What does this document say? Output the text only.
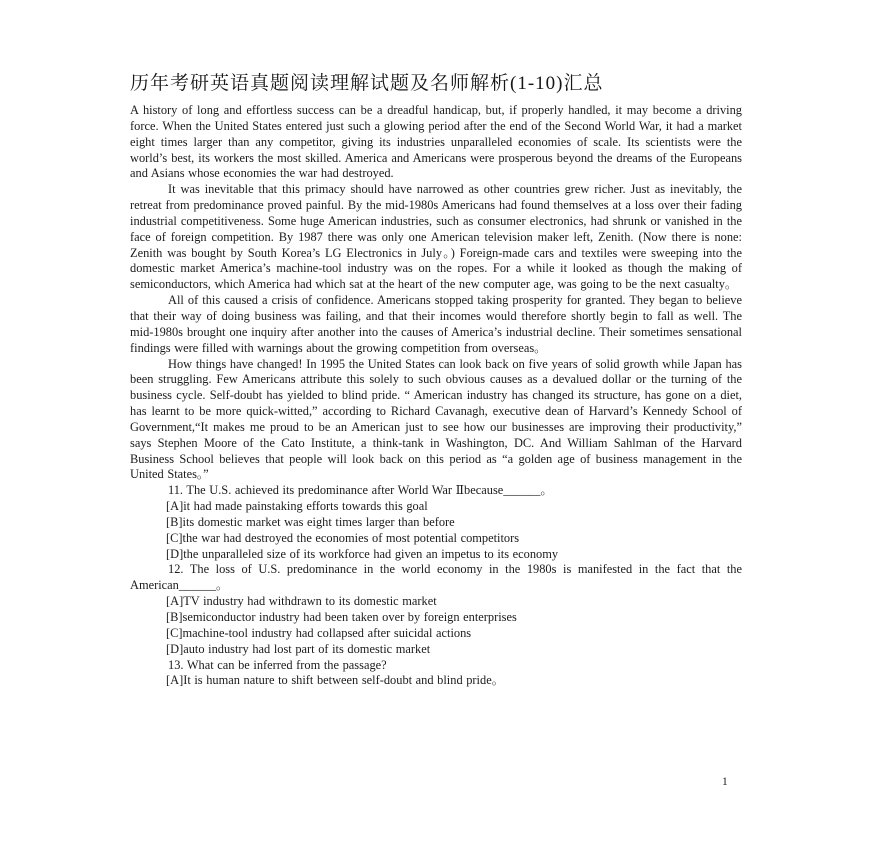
历年考研英语真题阅读理解试题及名师解析(1-10)汇总

A history of long and effortless success can be a dreadful handicap, but, if properly handled, it may become a driving force. When the United States entered just such a glowing period after the end of the Second World War, it had a market eight times larger than any competitor, giving its industries unparalleled economies of scale. Its scientists were the world’s best, its workers the most skilled. America and Americans were prosperous beyond the dreams of the Europeans and Asians whose economies the war had destroyed.

It was inevitable that this primacy should have narrowed as other countries grew richer. Just as inevitably, the retreat from predominance proved painful. By the mid-1980s Americans had found themselves at a loss over their fading industrial competitiveness. Some huge American industries, such as consumer electronics, had shrunk or vanished in the face of foreign competition. By 1987 there was only one American television maker left, Zenith. (Now there is none: Zenith was bought by South Korea’s LG Electronics in July。) Foreign-made cars and textiles were sweeping into the domestic market America’s machine-tool industry was on the ropes. For a while it looked as though the making of semiconductors, which America had which sat at the heart of the new computer age, was going to be the next casualty。

All of this caused a crisis of confidence. Americans stopped taking prosperity for granted. They began to believe that their way of doing business was failing, and that their incomes would therefore shortly begin to fall as well. The mid-1980s brought one inquiry after another into the causes of America’s industrial decline. Their sometimes sensational findings were filled with warnings about the growing competition from overseas。

How things have changed! In 1995 the United States can look back on five years of solid growth while Japan has been struggling. Few Americans attribute this solely to such obvious causes as a devalued dollar or the turning of the business cycle. Self-doubt has yielded to blind pride. “ American industry has changed its structure, has gone on a diet, has learnt to be more quick-witted,” according to Richard Cavanagh, executive dean of Harvard’s Kennedy School of Government,“It makes me proud to be an American just to see how our businesses are improving their productivity,” says Stephen Moore of the Cato Institute, a think-tank in Washington, DC. And William Sahlman of the Harvard Business School believes that people will look back on this period as “a golden age of business management in the United States。”

11. The U.S. achieved its predominance after World War Ⅱbecause______。

[A]it had made painstaking efforts towards this goal

[B]its domestic market was eight times larger than before

[C]the war had destroyed the economies of most potential competitors

[D]the unparalleled size of its workforce had given an impetus to its economy

12. The loss of U.S. predominance in the world economy in the 1980s is manifested in the fact that the American______。

[A]TV industry had withdrawn to its domestic market

[B]semiconductor industry had been taken over by foreign enterprises

[C]machine-tool industry had collapsed after suicidal actions

[D]auto industry had lost part of its domestic market

13. What can be inferred from the passage?

[A]It is human nature to shift between self-doubt and blind pride。

1
